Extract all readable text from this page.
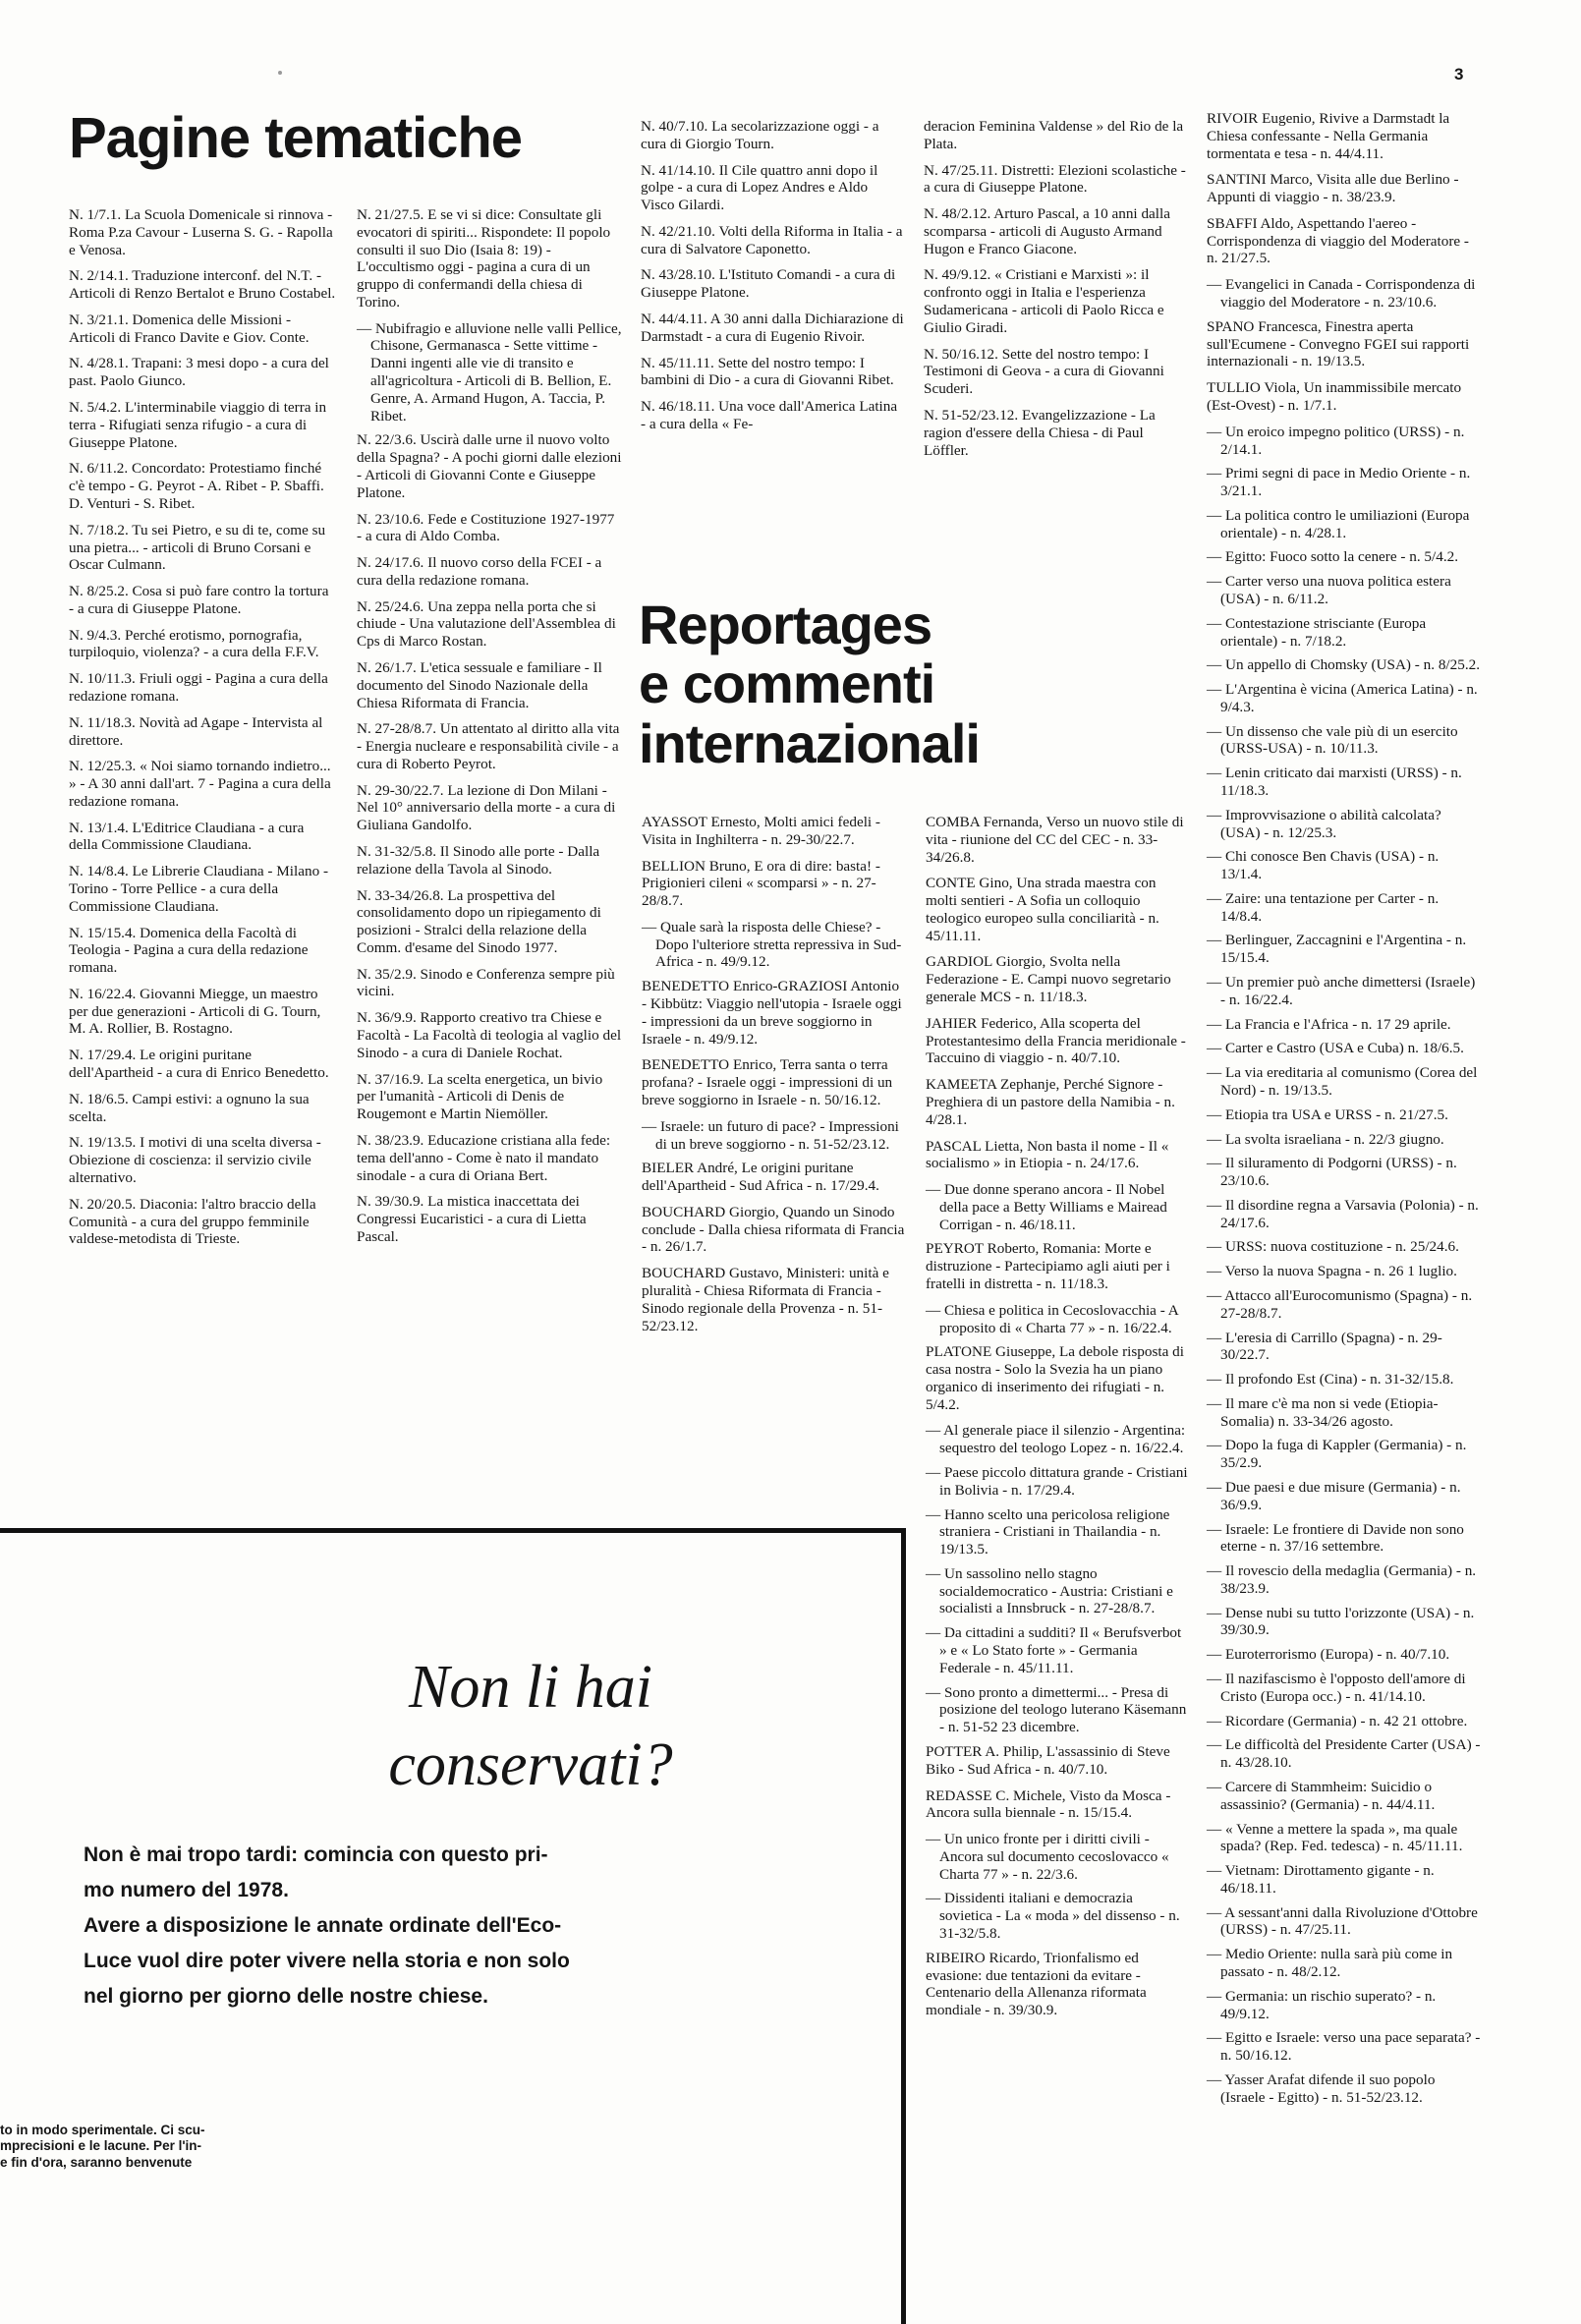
3
Pagine tematiche

N. 1/7.1. La Scuola Domenicale si rinnova - Roma P.za Cavour - Luserna S. G. - Rapolla e Venosa.

N. 2/14.1. Traduzione interconf. del N.T. - Articoli di Renzo Bertalot e Bruno Costabel.

N. 3/21.1. Domenica delle Missioni - Articoli di Franco Davite e Giov. Conte.

N. 4/28.1. Trapani: 3 mesi dopo - a cura del past. Paolo Giunco.

N. 5/4.2. L'interminabile viaggio di terra in terra - Rifugiati senza rifugio - a cura di Giuseppe Platone.

N. 6/11.2. Concordato: Protestiamo finché c'è tempo - G. Peyrot - A. Ribet - P. Sbaffi. D. Venturi - S. Ribet.

N. 7/18.2. Tu sei Pietro, e su di te, come su una pietra... - articoli di Bruno Corsani e Oscar Culmann.

N. 8/25.2. Cosa si può fare contro la tortura - a cura di Giuseppe Platone.

N. 9/4.3. Perché erotismo, pornografia, turpiloquio, violenza? - a cura della F.F.V.

N. 10/11.3. Friuli oggi - Pagina a cura della redazione romana.

N. 11/18.3. Novità ad Agape - Intervista al direttore.

N. 12/25.3. « Noi siamo tornando indietro... » - A 30 anni dall'art. 7 - Pagina a cura della redazione romana.

N. 13/1.4. L'Editrice Claudiana - a cura della Commissione Claudiana.

N. 14/8.4. Le Librerie Claudiana - Milano - Torino - Torre Pellice - a cura della Commissione Claudiana.

N. 15/15.4. Domenica della Facoltà di Teologia - Pagina a cura della redazione romana.

N. 16/22.4. Giovanni Miegge, un maestro per due generazioni - Articoli di G. Tourn, M. A. Rollier, B. Rostagno.

N. 17/29.4. Le origini puritane dell'Apartheid - a cura di Enrico Benedetto.

N. 18/6.5. Campi estivi: a ognuno la sua scelta.

N. 19/13.5. I motivi di una scelta diversa - Obiezione di coscienza: il servizio civile alternativo.

N. 20/20.5. Diaconia: l'altro braccio della Comunità - a cura del gruppo femminile valdese-metodista di Trieste.

N. 21/27.5. E se vi si dice: Consultate gli evocatori di spiriti... Rispondete: Il popolo consulti il suo Dio (Isaia 8: 19) - L'occultismo oggi - pagina a cura di un gruppo di confermandi della chiesa di Torino.

— Nubifragio e alluvione nelle valli Pellice, Chisone, Germanasca - Sette vittime - Danni ingenti alle vie di transito e all'agricoltura - Articoli di B. Bellion, E. Genre, A. Armand Hugon, A. Taccia, P. Ribet.

N. 22/3.6. Uscirà dalle urne il nuovo volto della Spagna? - A pochi giorni dalle elezioni - Articoli di Giovanni Conte e Giuseppe Platone.

N. 23/10.6. Fede e Costituzione 1927-1977 - a cura di Aldo Comba.

N. 24/17.6. Il nuovo corso della FCEI - a cura della redazione romana.

N. 25/24.6. Una zeppa nella porta che si chiude - Una valutazione dell'Assemblea di Cps di Marco Rostan.

N. 26/1.7. L'etica sessuale e familiare - Il documento del Sinodo Nazionale della Chiesa Riformata di Francia.

N. 27-28/8.7. Un attentato al diritto alla vita - Energia nucleare e responsabilità civile - a cura di Roberto Peyrot.

N. 29-30/22.7. La lezione di Don Milani - Nel 10° anniversario della morte - a cura di Giuliana Gandolfo.

N. 31-32/5.8. Il Sinodo alle porte - Dalla relazione della Tavola al Sinodo.

N. 33-34/26.8. La prospettiva del consolidamento dopo un ripiegamento di posizioni - Stralci della relazione della Comm. d'esame del Sinodo 1977.

N. 35/2.9. Sinodo e Conferenza sempre più vicini.

N. 36/9.9. Rapporto creativo tra Chiese e Facoltà - La Facoltà di teologia al vaglio del Sinodo - a cura di Daniele Rochat.

N. 37/16.9. La scelta energetica, un bivio per l'umanità - Articoli di Denis de Rougemont e Martin Niemöller.

N. 38/23.9. Educazione cristiana alla fede: tema dell'anno - Come è nato il mandato sinodale - a cura di Oriana Bert.

N. 39/30.9. La mistica inaccettata dei Congressi Eucaristici - a cura di Lietta Pascal.

N. 40/7.10. La secolarizzazione oggi - a cura di Giorgio Tourn.

N. 41/14.10. Il Cile quattro anni dopo il golpe - a cura di Lopez Andres e Aldo Visco Gilardi.

N. 42/21.10. Volti della Riforma in Italia - a cura di Salvatore Caponetto.

N. 43/28.10. L'Istituto Comandi - a cura di Giuseppe Platone.

N. 44/4.11. A 30 anni dalla Dichiarazione di Darmstadt - a cura di Eugenio Rivoir.

N. 45/11.11. Sette del nostro tempo: I bambini di Dio - a cura di Giovanni Ribet.

N. 46/18.11. Una voce dall'America Latina - a cura della « Fe-

deracion Feminina Valdense » del Rio de la Plata.

N. 47/25.11. Distretti: Elezioni scolastiche - a cura di Giuseppe Platone.

N. 48/2.12. Arturo Pascal, a 10 anni dalla scomparsa - articoli di Augusto Armand Hugon e Franco Giacone.

N. 49/9.12. « Cristiani e Marxisti »: il confronto oggi in Italia e l'esperienza Sudamericana - articoli di Paolo Ricca e Giulio Giradi.

N. 50/16.12. Sette del nostro tempo: I Testimoni di Geova - a cura di Giovanni Scuderi.

N. 51-52/23.12. Evangelizzazione - La ragion d'essere della Chiesa - di Paul Löffler.

Reportages
e commenti
internazionali

AYASSOT Ernesto, Molti amici fedeli - Visita in Inghilterra - n. 29-30/22.7.

BELLION Bruno, E ora di dire: basta! - Prigionieri cileni « scomparsi » - n. 27-28/8.7.

— Quale sarà la risposta delle Chiese? - Dopo l'ulteriore stretta repressiva in Sud-Africa - n. 49/9.12.

BENEDETTO Enrico-GRAZIOSI Antonio - Kibbütz: Viaggio nell'utopia - Israele oggi - impressioni da un breve soggiorno in Israele - n. 49/9.12.

BENEDETTO Enrico, Terra santa o terra profana? - Israele oggi - impressioni di un breve soggiorno in Israele - n. 50/16.12.

— Israele: un futuro di pace? - Impressioni di un breve soggiorno - n. 51-52/23.12.

BIELER André, Le origini puritane dell'Apartheid - Sud Africa - n. 17/29.4.

BOUCHARD Giorgio, Quando un Sinodo conclude - Dalla chiesa riformata di Francia - n. 26/1.7.

BOUCHARD Gustavo, Ministeri: unità e pluralità - Chiesa Riformata di Francia - Sinodo regionale della Provenza - n. 51-52/23.12.

COMBA Fernanda, Verso un nuovo stile di vita - riunione del CC del CEC - n. 33-34/26.8.

CONTE Gino, Una strada maestra con molti sentieri - A Sofia un colloquio teologico europeo sulla conciliarità - n. 45/11.11.

GARDIOL Giorgio, Svolta nella Federazione - E. Campi nuovo segretario generale MCS - n. 11/18.3.

JAHIER Federico, Alla scoperta del Protestantesimo della Francia meridionale - Taccuino di viaggio - n. 40/7.10.

KAMEETA Zephanje, Perché Signore - Preghiera di un pastore della Namibia - n. 4/28.1.

PASCAL Lietta, Non basta il nome - Il « socialismo » in Etiopia - n. 24/17.6.

— Due donne sperano ancora - Il Nobel della pace a Betty Williams e Mairead Corrigan - n. 46/18.11.

PEYROT Roberto, Romania: Morte e distruzione - Partecipiamo agli aiuti per i fratelli in distretta - n. 11/18.3.

— Chiesa e politica in Cecoslovacchia - A proposito di « Charta 77 » - n. 16/22.4.

PLATONE Giuseppe, La debole risposta di casa nostra - Solo la Svezia ha un piano organico di inserimento dei rifugiati - n. 5/4.2.

— Al generale piace il silenzio - Argentina: sequestro del teologo Lopez - n. 16/22.4.

— Paese piccolo dittatura grande - Cristiani in Bolivia - n. 17/29.4.

— Hanno scelto una pericolosa religione straniera - Cristiani in Thailandia - n. 19/13.5.

— Un sassolino nello stagno socialdemocratico - Austria: Cristiani e socialisti a Innsbruck - n. 27-28/8.7.

— Da cittadini a sudditi? Il « Berufsverbot » e « Lo Stato forte » - Germania Federale - n. 45/11.11.

— Sono pronto a dimettermi... - Presa di posizione del teologo luterano Käsemann - n. 51-52 23 dicembre.

POTTER A. Philip, L'assassinio di Steve Biko - Sud Africa - n. 40/7.10.

REDASSE C. Michele, Visto da Mosca - Ancora sulla biennale - n. 15/15.4.

— Un unico fronte per i diritti civili - Ancora sul documento cecoslovacco « Charta 77 » - n. 22/3.6.

— Dissidenti italiani e democrazia sovietica - La « moda » del dissenso - n. 31-32/5.8.

RIBEIRO Ricardo, Trionfalismo ed evasione: due tentazioni da evitare - Centenario della Allenanza riformata mondiale - n. 39/30.9.

RIVOIR Eugenio, Rivive a Darmstadt la Chiesa confessante - Nella Germania tormentata e tesa - n. 44/4.11.

SANTINI Marco, Visita alle due Berlino - Appunti di viaggio - n. 38/23.9.

SBAFFI Aldo, Aspettando l'aereo - Corrispondenza di viaggio del Moderatore - n. 21/27.5.

— Evangelici in Canada - Corrispondenza di viaggio del Moderatore - n. 23/10.6.

SPANO Francesca, Finestra aperta sull'Ecumene - Convegno FGEI sui rapporti internazionali - n. 19/13.5.

TULLIO Viola, Un inammissibile mercato (Est-Ovest) - n. 1/7.1.

— Un eroico impegno politico (URSS) - n. 2/14.1.

— Primi segni di pace in Medio Oriente - n. 3/21.1.

— La politica contro le umiliazioni (Europa orientale) - n. 4/28.1.

— Egitto: Fuoco sotto la cenere - n. 5/4.2.

— Carter verso una nuova politica estera (USA) - n. 6/11.2.

— Contestazione strisciante (Europa orientale) - n. 7/18.2.

— Un appello di Chomsky (USA) - n. 8/25.2.

— L'Argentina è vicina (America Latina) - n. 9/4.3.

— Un dissenso che vale più di un esercito (URSS-USA) - n. 10/11.3.

— Lenin criticato dai marxisti (URSS) - n. 11/18.3.

— Improvvisazione o abilità calcolata? (USA) - n. 12/25.3.

— Chi conosce Ben Chavis (USA) - n. 13/1.4.

— Zaire: una tentazione per Carter - n. 14/8.4.

— Berlinguer, Zaccagnini e l'Argentina - n. 15/15.4.

— Un premier può anche dimettersi (Israele) - n. 16/22.4.

— La Francia e l'Africa - n. 17 29 aprile.

— Carter e Castro (USA e Cuba) n. 18/6.5.

— La via ereditaria al comunismo (Corea del Nord) - n. 19/13.5.

— Etiopia tra USA e URSS - n. 21/27.5.

— La svolta israeliana - n. 22/3 giugno.

— Il siluramento di Podgorni (URSS) - n. 23/10.6.

— Il disordine regna a Varsavia (Polonia) - n. 24/17.6.

— URSS: nuova costituzione - n. 25/24.6.

— Verso la nuova Spagna - n. 26 1 luglio.

— Attacco all'Eurocomunismo (Spagna) - n. 27-28/8.7.

— L'eresia di Carrillo (Spagna) - n. 29-30/22.7.

— Il profondo Est (Cina) - n. 31-32/15.8.

— Il mare c'è ma non si vede (Etiopia-Somalia) n. 33-34/26 agosto.

— Dopo la fuga di Kappler (Germania) - n. 35/2.9.

— Due paesi e due misure (Germania) - n. 36/9.9.

— Israele: Le frontiere di Davide non sono eterne - n. 37/16 settembre.

— Il rovescio della medaglia (Germania) - n. 38/23.9.

— Dense nubi su tutto l'orizzonte (USA) - n. 39/30.9.

— Euroterrorismo (Europa) - n. 40/7.10.

— Il nazifascismo è l'opposto dell'amore di Cristo (Europa occ.) - n. 41/14.10.

— Ricordare (Germania) - n. 42 21 ottobre.

— Le difficoltà del Presidente Carter (USA) - n. 43/28.10.

— Carcere di Stammheim: Suicidio o assassinio? (Germania) - n. 44/4.11.

— « Venne a mettere la spada », ma quale spada? (Rep. Fed. tedesca) - n. 45/11.11.

— Vietnam: Dirottamento gigante - n. 46/18.11.

— A sessant'anni dalla Rivoluzione d'Ottobre (URSS) - n. 47/25.11.

— Medio Oriente: nulla sarà più come in passato - n. 48/2.12.

— Germania: un rischio superato? - n. 49/9.12.

— Egitto e Israele: verso una pace separata? - n. 50/16.12.

— Yasser Arafat difende il suo popolo (Israele - Egitto) - n. 51-52/23.12.

Non li hai
conservati?

Non è mai tropo tardi: comincia con questo pri-

mo numero del 1978.

Avere a disposizione le annate ordinate dell'Eco-

Luce vuol dire poter vivere nella storia e non solo

nel giorno per giorno delle nostre chiese.

to in modo sperimentale. Ci scu-

mprecisioni e le lacune. Per l'in-

e fin d'ora, saranno benvenute
